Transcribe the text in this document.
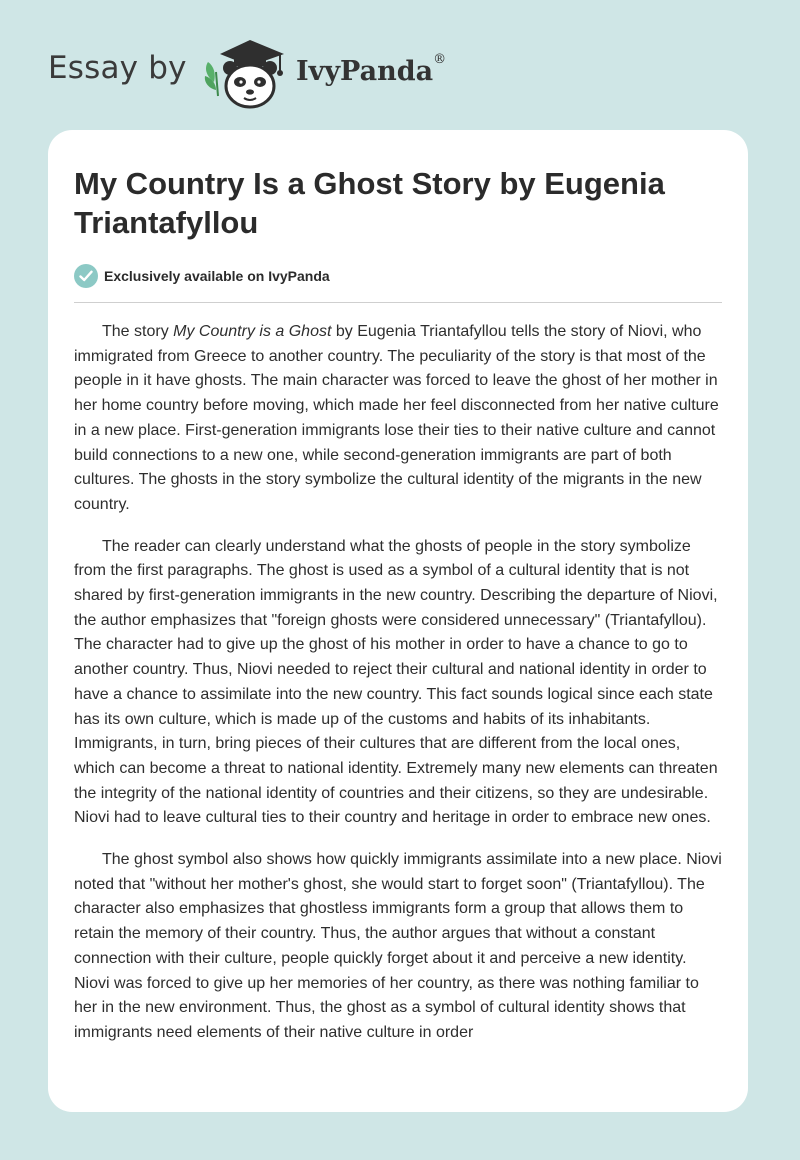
Essay by	IvyPanda®
My Country Is a Ghost Story by Eugenia Triantafyllou
Exclusively available on IvyPanda

The story My Country is a Ghost by Eugenia Triantafyllou tells the story of Niovi, who immigrated from Greece to another country. The peculiarity of the story is that most of the people in it have ghosts. The main character was forced to leave the ghost of her mother in her home country before moving, which made her feel disconnected from her native culture in a new place. First-generation immigrants lose their ties to their native culture and cannot build connections to a new one, while second-generation immigrants are part of both cultures. The ghosts in the story symbolize the cultural identity of the migrants in the new country.

The reader can clearly understand what the ghosts of people in the story symbolize from the first paragraphs. The ghost is used as a symbol of a cultural identity that is not shared by first-generation immigrants in the new country. Describing the departure of Niovi, the author emphasizes that "foreign ghosts were considered unnecessary" (Triantafyllou). The character had to give up the ghost of his mother in order to have a chance to go to another country. Thus, Niovi needed to reject their cultural and national identity in order to have a chance to assimilate into the new country. This fact sounds logical since each state has its own culture, which is made up of the customs and habits of its inhabitants. Immigrants, in turn, bring pieces of their cultures that are different from the local ones, which can become a threat to national identity. Extremely many new elements can threaten the integrity of the national identity of countries and their citizens, so they are undesirable. Niovi had to leave cultural ties to their country and heritage in order to embrace new ones.

The ghost symbol also shows how quickly immigrants assimilate into a new place. Niovi noted that "without her mother's ghost, she would start to forget soon" (Triantafyllou). The character also emphasizes that ghostless immigrants form a group that allows them to retain the memory of their country. Thus, the author argues that without a constant connection with their culture, people quickly forget about it and perceive a new identity. Niovi was forced to give up her memories of her country, as there was nothing familiar to her in the new environment. Thus, the ghost as a symbol of cultural identity shows that immigrants need elements of their native culture in order
